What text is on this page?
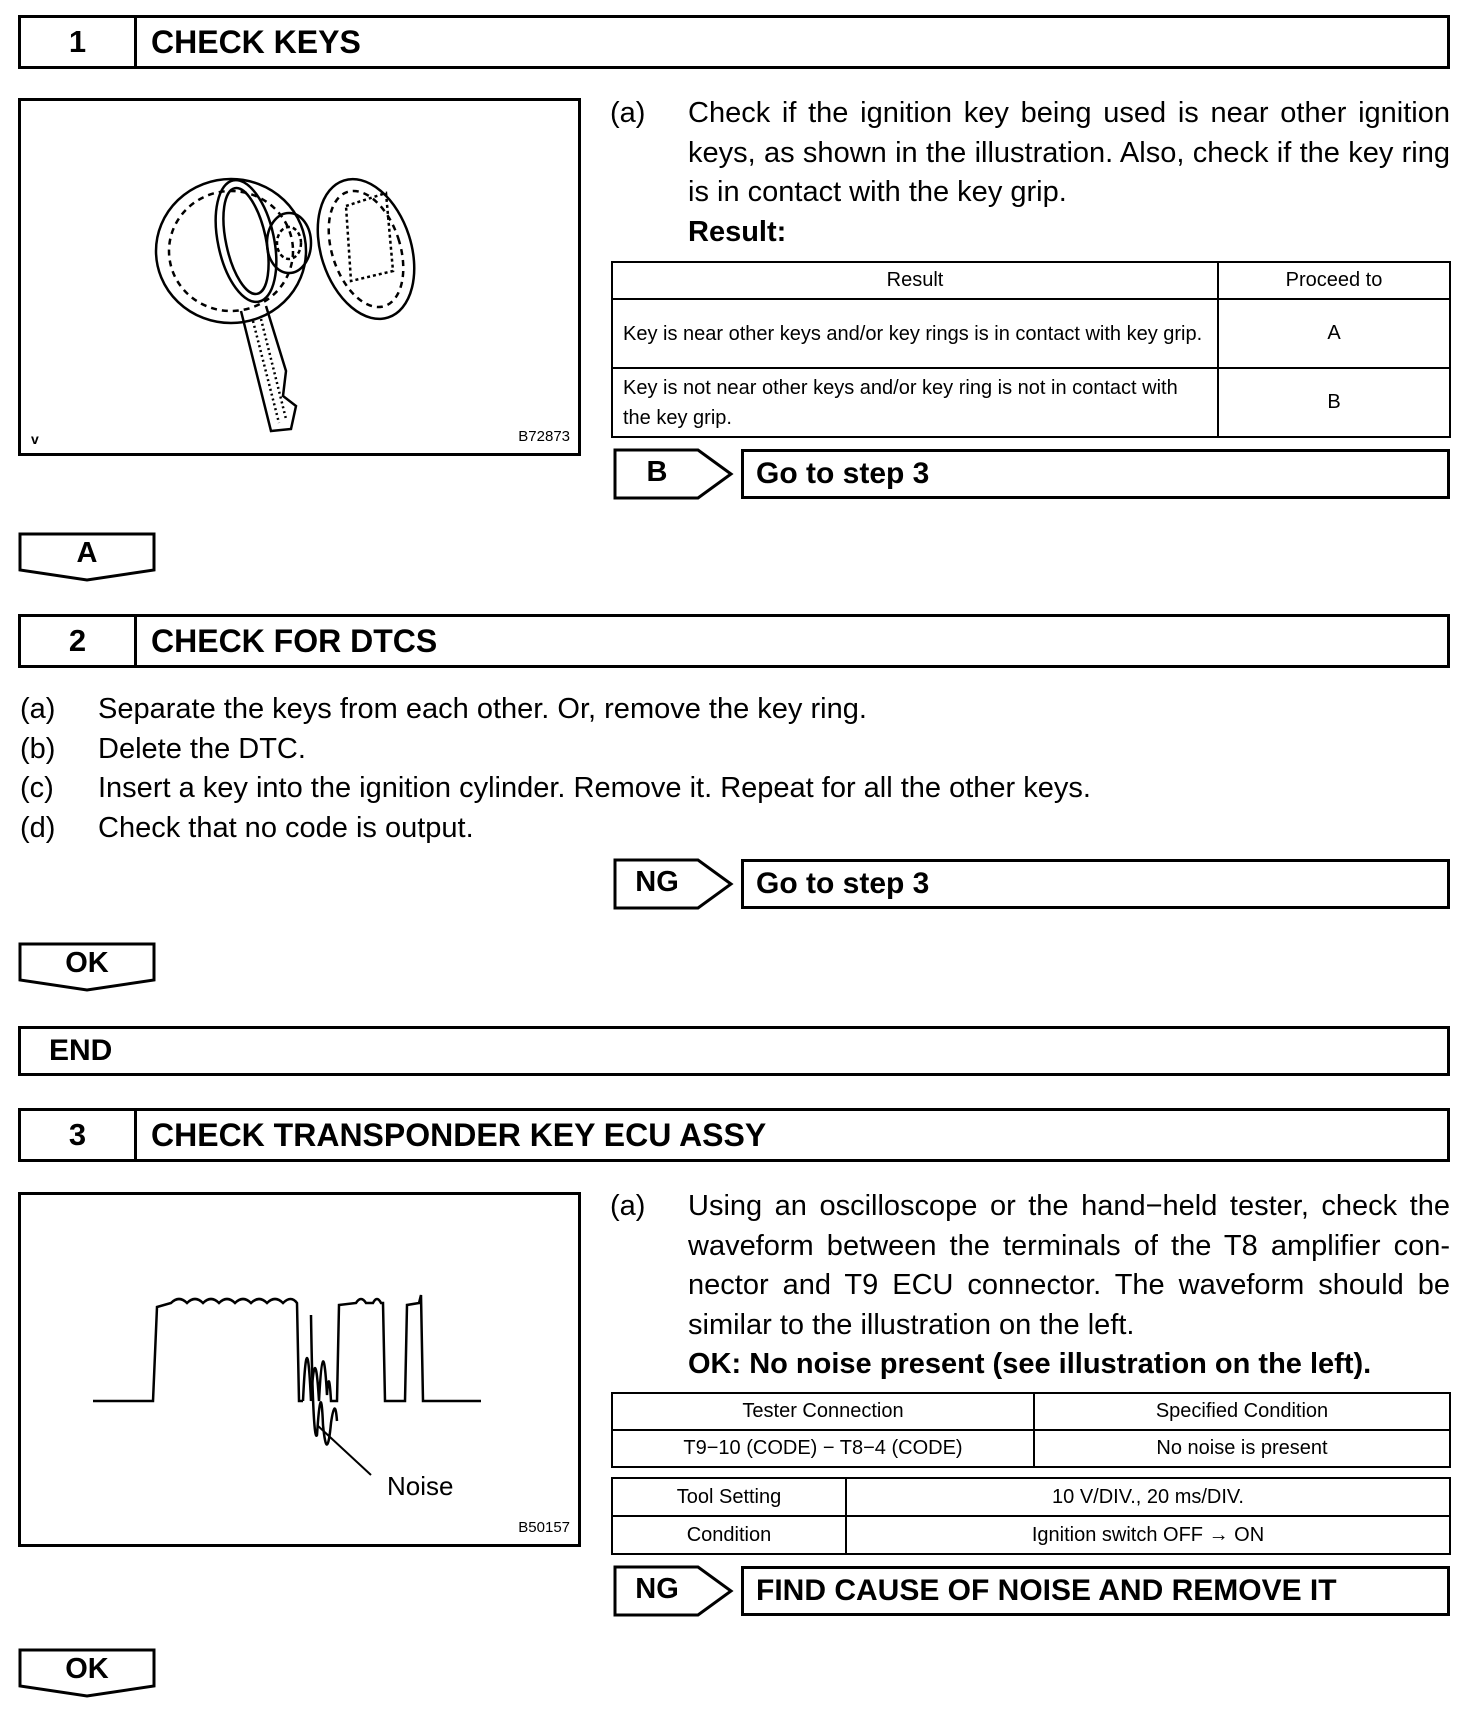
1	CHECK KEYS
v	B72873
(a)	Check if the ignition key being used is near other ignition keys, as shown in the illustration. Also, check if the key ring is in contact with the key grip.
Result:
Result	Proceed to
Key is near other keys and/or key rings is in contact with key grip.	A
Key is not near other keys and/or key ring is not in contact with the key grip.	B
B	Go to step 3
A
2	CHECK FOR DTCS
(a)	Separate the keys from each other. Or, remove the key ring.
(b)	Delete the DTC.
(c)	Insert a key into the ignition cylinder. Remove it. Repeat for all the other keys.
(d)	Check that no code is output.
NG	Go to step 3
OK
END
3	CHECK TRANSPONDER KEY ECU ASSY
Noise
B50157
(a)	Using an oscilloscope or the hand−held tester, check the waveform between the terminals of the T8 amplifier con- nector and T9 ECU connector. The waveform should be similar to the illustration on the left.
OK: No noise present (see illustration on the left).
Tester Connection	Specified Condition
T9−10 (CODE) − T8−4 (CODE)	No noise is present
Tool Setting	10 V/DIV., 20 ms/DIV.
Condition	Ignition switch OFF → ON
NG	FIND CAUSE OF NOISE AND REMOVE IT
OK
